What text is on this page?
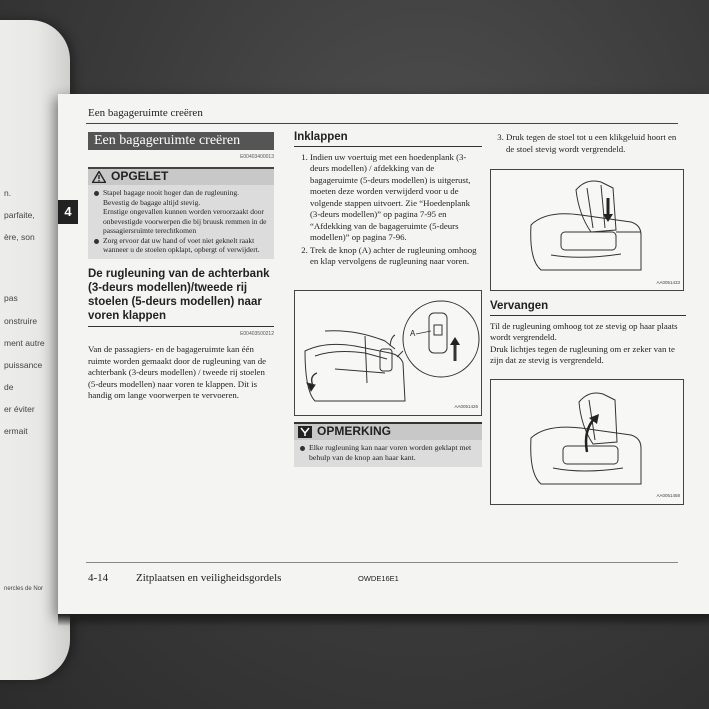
n.
parfaite,
ère, son
pas
onstruire
ment autre
puissance
de
er éviter
ermait
nercles de Nor
Een bagageruimte creëren
Een bagageruimte creëren
E00403400013
OPGELET
Stapel bagage nooit hoger dan de rugleuning.
Bevestig de bagage altijd stevig.
Ernstige ongevallen kunnen worden veroorzaakt door onbevestigde voorwerpen die bij bruusk remmen in de passagiersruimte terechtkomen
Zorg ervoor dat uw hand of voet niet geknelt raakt wanneer u de stoelen opklapt, opbergt of verwijdert.
De rugleuning van de achterbank (3-deurs modellen)/tweede rij stoelen (5-deurs modellen) naar voren klappen
E00403500212
Van de passagiers- en de bagageruimte kan één ruimte worden gemaakt door de rugleuning van de achterbank (3-deurs modellen) / tweede rij stoelen (5-deurs modellen) naar voren te klappen. Dit is handig om lange voorwerpen te vervoeren.
Inklappen
1. Indien uw voertuig met een hoedenplank (3-deurs modellen) / afdekking van de bagageruimte (5-deurs modellen) is uitgerust, moeten deze worden verwijderd voor u de volgende stappen uitvoert. Zie “Hoedenplank (3-deurs modellen)” op pagina 7-95 en “Afdekking van de bagageruimte (5-deurs modellen)” op pagina 7-96.
2. Trek de knop (A) achter de rugleuning omhoog en klap vervolgens de rugleuning naar voren.
A
AA0051426
OPMERKING
Elke rugleuning kan naar voren worden geklapt met behulp van de knop aan haar kant.
3. Druk tegen de stoel tot u een klikgeluid hoort en de stoel stevig wordt vergrendeld.
AA0051433
Vervangen
Til de rugleuning omhoog tot ze stevig op haar plaats wordt vergrendeld.
Druk lichtjes tegen de rugleuning om er zeker van te zijn dat ze stevig is vergrendeld.
AA0051458
4-14	Zitplaatsen en veiligheidsgordels	OWDE16E1
4
